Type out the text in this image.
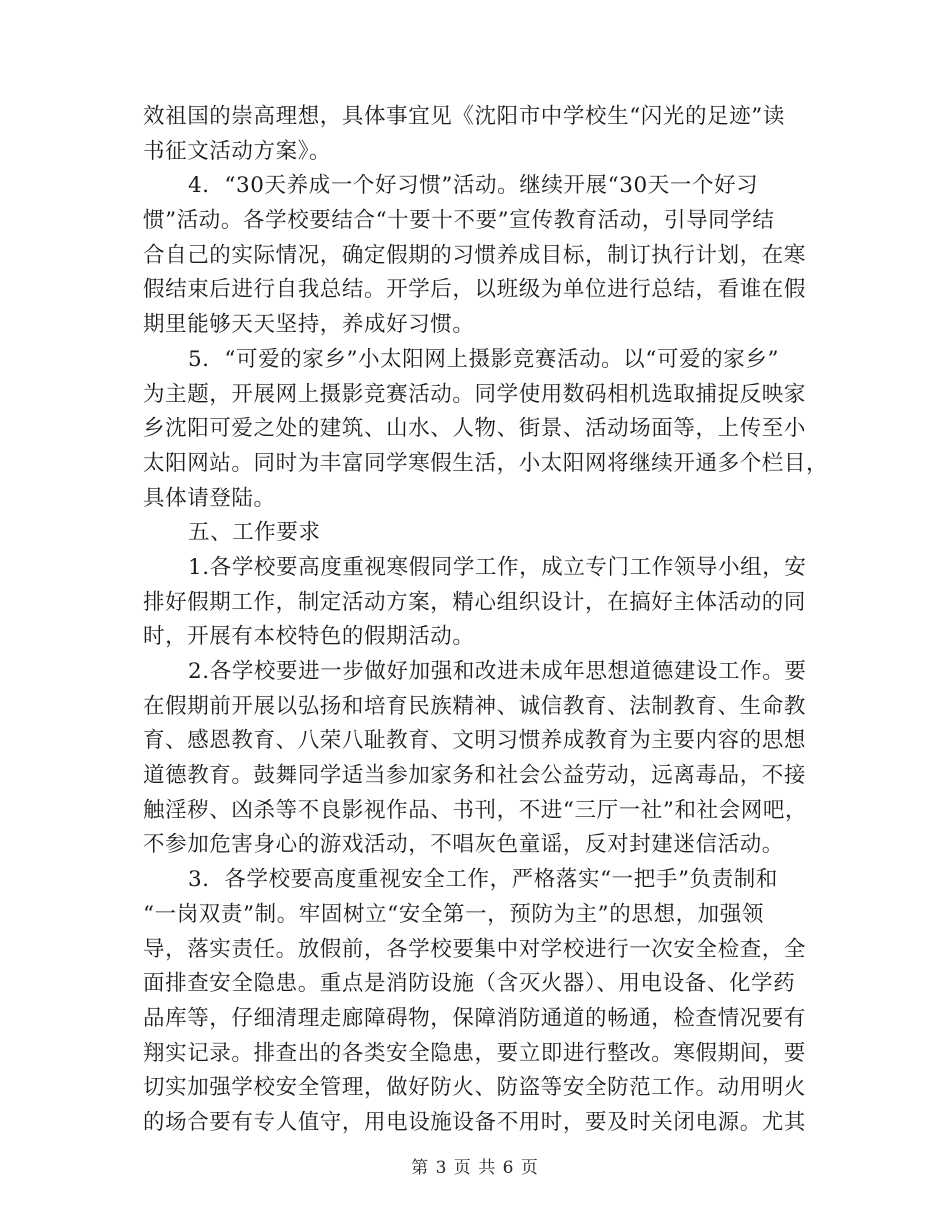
效祖国的崇高理想，具体事宜见《沈阳市中学校生“闪光的足迹”读
书征文活动方案》。
4．“30天养成一个好习惯”活动。继续开展“30天一个好习
惯”活动。各学校要结合“十要十不要”宣传教育活动，引导同学结
合自己的实际情况，确定假期的习惯养成目标，制订执行计划，在寒
假结束后进行自我总结。开学后，以班级为单位进行总结，看谁在假
期里能够天天坚持，养成好习惯。
5．“可爱的家乡”小太阳网上摄影竞赛活动。以“可爱的家乡”
为主题，开展网上摄影竞赛活动。同学使用数码相机选取捕捉反映家
乡沈阳可爱之处的建筑、山水、人物、街景、活动场面等，上传至小
太阳网站。同时为丰富同学寒假生活，小太阳网将继续开通多个栏目，
具体请登陆。
五、工作要求
1.各学校要高度重视寒假同学工作，成立专门工作领导小组，安
排好假期工作，制定活动方案，精心组织设计，在搞好主体活动的同
时，开展有本校特色的假期活动。
2.各学校要进一步做好加强和改进未成年思想道德建设工作。要
在假期前开展以弘扬和培育民族精神、诚信教育、法制教育、生命教
育、感恩教育、八荣八耻教育、文明习惯养成教育为主要内容的思想
道德教育。鼓舞同学适当参加家务和社会公益劳动，远离毒品，不接
触淫秽、凶杀等不良影视作品、书刊，不进“三厅一社”和社会网吧，
不参加危害身心的游戏活动，不唱灰色童谣，反对封建迷信活动。
3．各学校要高度重视安全工作，严格落实“一把手”负责制和
“一岗双责”制。牢固树立“安全第一，预防为主”的思想，加强领
导，落实责任。放假前，各学校要集中对学校进行一次安全检查，全
面排查安全隐患。重点是消防设施（含灭火器）、用电设备、化学药
品库等，仔细清理走廊障碍物，保障消防通道的畅通，检查情况要有
翔实记录。排查出的各类安全隐患，要立即进行整改。寒假期间，要
切实加强学校安全管理，做好防火、防盗等安全防范工作。动用明火
的场合要有专人值守，用电设施设备不用时，要及时关闭电源。尤其
第 3 页 共 6 页
